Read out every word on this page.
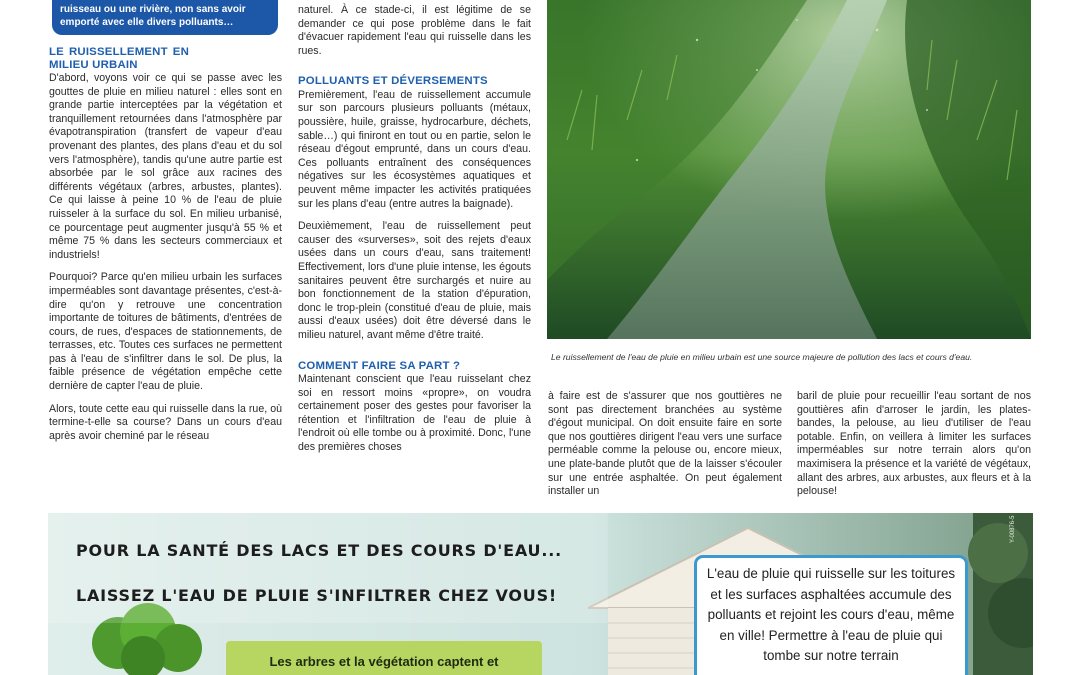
ruisseau ou une rivière, non sans avoir emporté avec elle divers polluants…
LE RUISSELLEMENT EN MILIEU URBAIN

D'abord, voyons voir ce qui se passe avec les gouttes de pluie en milieu naturel : elles sont en grande partie interceptées par la végétation et tranquillement retournées dans l'atmosphère par évapotranspiration (transfert de vapeur d'eau provenant des plantes, des plans d'eau et du sol vers l'atmosphère), tandis qu'une autre partie est absorbée par le sol grâce aux racines des différents végétaux (arbres, arbustes, plantes). Ce qui laisse à peine 10 % de l'eau de pluie ruisseler à la surface du sol. En milieu urbanisé, ce pourcentage peut augmenter jusqu'à 55 % et même 75 % dans les secteurs commerciaux et industriels!

Pourquoi? Parce qu'en milieu urbain les surfaces imperméables sont davantage présentes, c'est-à-dire qu'on y retrouve une concentration importante de toitures de bâtiments, d'entrées de cours, de rues, d'espaces de stationnements, de terrasses, etc. Toutes ces surfaces ne permettent pas à l'eau de s'infiltrer dans le sol. De plus, la faible présence de végétation empêche cette dernière de capter l'eau de pluie.

Alors, toute cette eau qui ruisselle dans la rue, où termine-t-elle sa course? Dans un cours d'eau après avoir cheminé par le réseau

naturel. À ce stade-ci, il est légitime de se demander ce qui pose problème dans le fait d'évacuer rapidement l'eau qui ruisselle dans les rues.

POLLUANTS ET DÉVERSEMENTS

Premièrement, l'eau de ruissellement accumule sur son parcours plusieurs polluants (métaux, poussière, huile, graisse, hydrocarbure, déchets, sable…) qui finiront en tout ou en partie, selon le réseau d'égout emprunté, dans un cours d'eau. Ces polluants entraînent des conséquences négatives sur les écosystèmes aquatiques et peuvent même impacter les activités pratiquées sur les plans d'eau (entre autres la baignade).

Deuxièmement, l'eau de ruissellement peut causer des «surverses», soit des rejets d'eaux usées dans un cours d'eau, sans traitement! Effectivement, lors d'une pluie intense, les égouts sanitaires peuvent être surchargés et nuire au bon fonctionnement de la station d'épuration, donc le trop-plein (constitué d'eau de pluie, mais aussi d'eaux usées) doit être déversé dans le milieu naturel, avant même d'être traité.

COMMENT FAIRE SA PART ?

Maintenant conscient que l'eau ruisselant chez soi en ressort moins «propre», on voudra certainement poser des gestes pour favoriser la rétention et l'infiltration de l'eau de pluie à l'endroit où elle tombe ou à proximité. Donc, l'une des premières choses

Le ruissellement de l'eau de pluie en milieu urbain est une source majeure de pollution des lacs et cours d'eau.

à faire est de s'assurer que nos gouttières ne sont pas directement branchées au système d'égout municipal. On doit ensuite faire en sorte que nos gouttières dirigent l'eau vers une surface perméable comme la pelouse ou, encore mieux, une plate-bande plutôt que de la laisser s'écouler sur une entrée asphaltée. On peut également installer un

baril de pluie pour recueillir l'eau sortant de nos gouttières afin d'arroser le jardin, les plates-bandes, la pelouse, au lieu d'utiliser de l'eau potable. Enfin, on veillera à limiter les surfaces imperméables sur notre terrain alors qu'on maximisera la présence et la variété de végétaux, allant des arbres, aux arbustes, aux fleurs et à la pelouse!

POUR LA SANTÉ DES LACS ET DES COURS D'EAU...
LAISSEZ L'EAU DE PLUIE S'INFILTRER CHEZ VOUS!
L'eau de pluie qui ruisselle sur les toitures et les surfaces asphaltées accumule des polluants et rejoint les cours d'eau, même en ville! Permettre à l'eau de pluie qui tombe sur notre terrain
Les arbres et la végétation captent et
Y-00876-5
